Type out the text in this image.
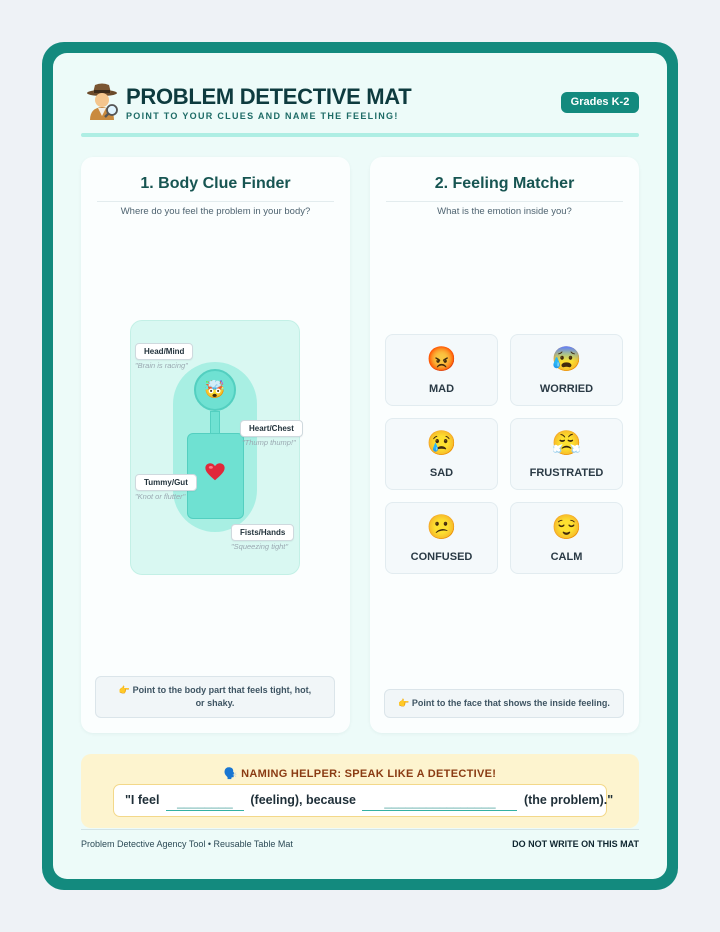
PROBLEM DETECTIVE MAT
POINT TO YOUR CLUES AND NAME THE FEELING!
Grades K-2
1. Body Clue Finder
Where do you feel the problem in your body?
🤯
Head/Mind
"Brain is racing"
Heart/Chest
"Thump thump!"
Tummy/Gut
"Knot or flutter"
Fists/Hands
"Squeezing tight"
👉 Point to the body part that feels tight, hot, or shaky.
2. Feeling Matcher
What is the emotion inside you?
😡
MAD
😰
WORRIED
😢
SAD
😤
FRUSTRATED
😕
CONFUSED
😌
CALM
👉 Point to the face that shows the inside feeling.
🗣️ NAMING HELPER: SPEAK LIKE A DETECTIVE!
"I feel ________ (feeling), because ________________ (the problem)."
Problem Detective Agency Tool • Reusable Table Mat	DO NOT WRITE ON THIS MAT
